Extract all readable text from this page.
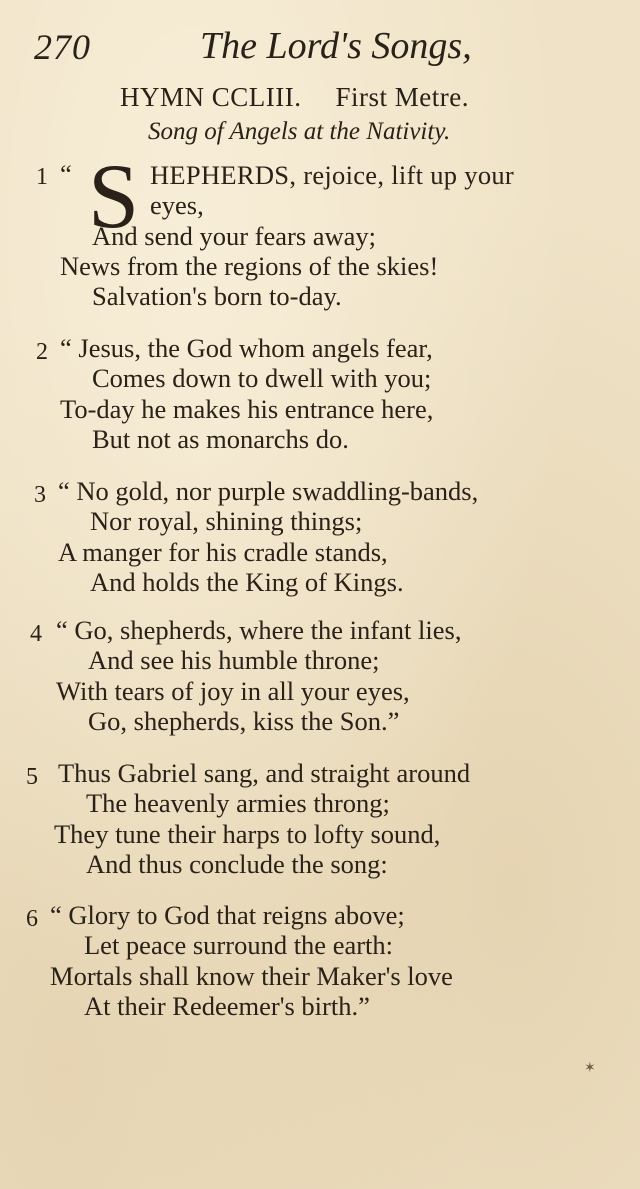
270	The Lord's Songs,
HYMN CCLIII. First Metre.
Song of Angels at the Nativity.
1 “ S HEPHERDS, rejoice, lift up your
eyes,
And send your fears away;
News from the regions of the skies!
Salvation's born to-day.
2 “ Jesus, the God whom angels fear,
Comes down to dwell with you;
To-day he makes his entrance here,
But not as monarchs do.
3 “ No gold, nor purple swaddling-bands,
Nor royal, shining things;
A manger for his cradle stands,
And holds the King of Kings.
4 “ Go, shepherds, where the infant lies,
And see his humble throne;
With tears of joy in all your eyes,
Go, shepherds, kiss the Son.”
5 Thus Gabriel sang, and straight around
The heavenly armies throng;
They tune their harps to lofty sound,
And thus conclude the song:
6 “ Glory to God that reigns above;
Let peace surround the earth:
Mortals shall know their Maker's love
At their Redeemer's birth.”
✶
